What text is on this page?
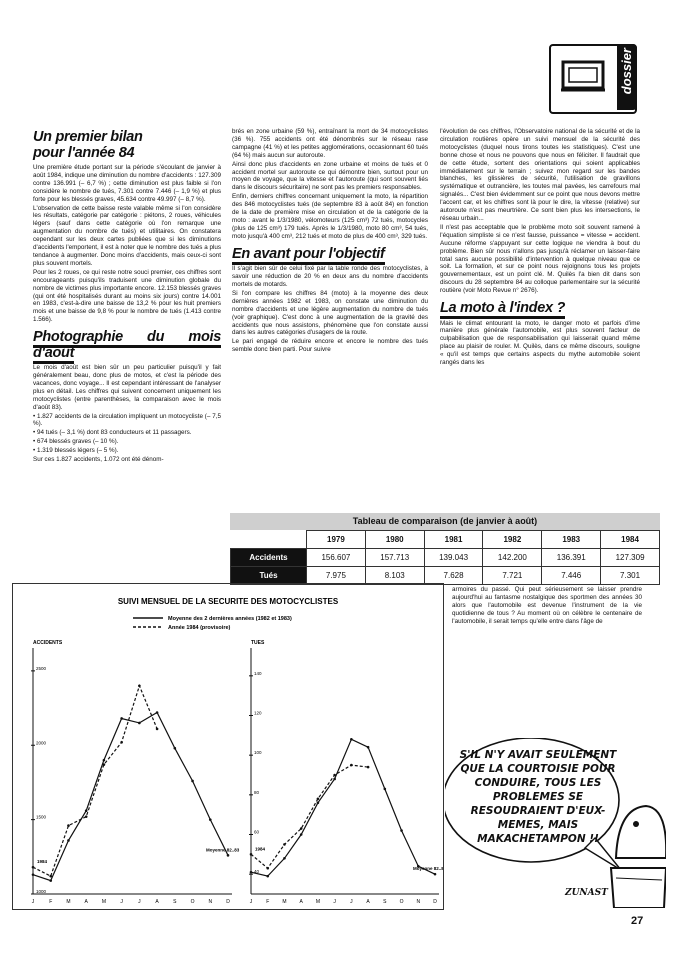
dossier
Un premier bilan
pour l'année 84

Une première étude portant sur la période s'écoulant de janvier à août 1984, indique une diminution du nombre d'accidents : 127.309 contre 136.991 (– 6,7 %) ; cette diminution est plus faible si l'on considère le nombre de tués, 7.301 contre 7.446 (– 1,9 %) et plus forte pour les blessés graves, 45.634 contre 49.997 (– 8,7 %).

L'observation de cette baisse reste valable même si l'on considère les résultats, catégorie par catégorie : piétons, 2 roues, véhicules légers (sauf dans cette catégorie où l'on remarque une augmentation du nombre de tués) et utilitaires. On constatera cependant sur les deux cartes publiées que si les diminutions d'accidents l'emportent, il est à noter que le nombre des tués a plus tendance à augmenter. Donc moins d'accidents, mais ceux-ci sont plus souvent mortels.

Pour les 2 roues, ce qui reste notre souci premier, ces chiffres sont encourageants puisqu'ils traduisent une diminution globale du nombre de victimes plus importante encore. 12.153 blessés graves (qui ont été hospitalisés durant au moins six jours) contre 14.001 en 1983, c'est-à-dire une baisse de 13,2 % pour les huit premiers mois et une baisse de 9,8 % pour le nombre de tués (1.413 contre 1.566).

Photographie du mois d'août

Le mois d'août est bien sûr un peu particulier puisqu'il y fait généralement beau, donc plus de motos, et c'est la période des vacances, donc voyage... Il est cependant intéressant de l'analyser plus en détail. Les chiffres qui suivent concernent uniquement les motocyclistes (entre parenthèses, la comparaison avec le mois d'août 83).

• 1.827 accidents de la circulation impliquent un motocycliste (– 7,5 %).

• 94 tués (– 3,1 %) dont 83 conducteurs et 11 passagers.

• 674 blessés graves (– 10 %).

• 1.319 blessés légers (– 5 %).

Sur ces 1.827 accidents, 1.072 ont été dénom-

brés en zone urbaine (59 %), entraînant la mort de 34 motocyclistes (36 %). 755 accidents ont été dénombrés sur le réseau rase campagne (41 %) et les petites agglomérations, occasionnant 60 tués (64 %) mais aucun sur autoroute.

Ainsi donc plus d'accidents en zone urbaine et moins de tués et 0 accident mortel sur autoroute ce qui démontre bien, surtout pour un moyen de voyage, que la vitesse et l'autoroute (qui sont souvent liés dans le discours sécuritaire) ne sont pas les premiers responsables.

Enfin, derniers chiffres concernant uniquement la moto, la répartition des 846 motocyclistes tués (de septembre 83 à août 84) en fonction de la date de première mise en circulation et de la catégorie de la moto : avant le 1/3/1980, vélomoteurs (125 cm³) 72 tués, motocycles (plus de 125 cm³) 179 tués. Après le 1/3/1980, moto 80 cm³, 54 tués, moto jusqu'à 400 cm³, 212 tués et moto de plus de 400 cm³, 329 tués.

En avant pour l'objectif

Il s'agit bien sûr de celui fixé par la table ronde des motocyclistes, à savoir une réduction de 20 % en deux ans du nombre d'accidents mortels de motards.

Si l'on compare les chiffres 84 (moto) à la moyenne des deux dernières années 1982 et 1983, on constate une diminution du nombre d'accidents et une légère augmentation du nombre de tués (voir graphique). C'est donc à une augmentation de la gravité des accidents que nous assistons, phénomène que l'on constate aussi dans les autres catégories d'usagers de la route.

Le pari engagé de réduire encore et encore le nombre des tués semble donc bien parti. Pour suivre

l'évolution de ces chiffres, l'Observatoire national de la sécurité et de la circulation routières opère un suivi mensuel de la sécurité des motocyclistes (duquel nous tirons toutes les statistiques). C'est une bonne chose et nous ne pouvons que nous en féliciter. Il faudrait que de cette étude, sortent des orientations qui soient applicables immédiatement sur le terrain ; suivez mon regard sur les bandes blanches, les glissières de sécurité, l'utilisation de gravillons systématique et outrancière, les toutes mal pavées, les carrefours mal signalés... C'est bien évidemment sur ce point que nous devons mettre l'accent car, et les chiffres sont là pour le dire, la vitesse (relative) sur autoroute n'est pas meurtrière. Ce sont bien plus les intersections, le réseau urbain...

Il n'est pas acceptable que le problème moto soit souvent ramené à l'équation simpliste si ce n'est fausse, puissance = vitesse = accident. Aucune réforme s'appuyant sur cette logique ne viendra à bout du problème. Bien sûr nous n'allons pas jusqu'à réclamer un laisser-faire total sans aucune possibilité d'intervention à quelque niveau que ce soit. La formation, et sur ce point nous rejoignons tous les projets gouvernementaux, est un point clé. M. Quilès l'a bien dit dans son discours du 28 septembre 84 au colloque parlementaire sur la sécurité routière (voir Moto Revue n° 2676).

La moto à l'index ?

Mais le climat entourant la moto, le danger moto et parfois d'ime manière plus générale l'automobile, est plus souvent facteur de culpabilisation que de responsabilisation qui laisserait quand même place au plaisir de rouler. M. Quilès, dans ce même discours, souligne « qu'il est temps que certains aspects du mythe automobile soient rangés dans les

Tableau de comparaison (de janvier à août)
	1979	1980	1981	1982	1983	1984
Accidents	156.607	157.713	139.043	142.200	136.391	127.309
Tués	7.975	8.103	7.628	7.721	7.446	7.301
SUIVI MENSUEL DE LA SECURITE DES MOTOCYCLISTES
Moyenne des 2 dernières années (1982 et 1983)
Année 1984 (provisoire)
ACCIDENTS
1000
1500
2000
2500
J	F	M	A	M	J	J	A	S	O	N	D
1984
Moyenne 82..83
TUES
40
60
80
100
120
140
J	F	M	A	M	J	J	A	S	O	N	D
1984
Moyenne 82..83

armoires du passé. Qui peut sérieusement se laisser prendre aujourd'hui au fantasme nostalgique des sportmen des années 30 alors que l'automobile est devenue l'instrument de la vie quotidienne de tous ? Au moment où on célèbre le centenaire de l'automobile, il serait temps qu'elle entre dans l'âge de

S'IL N'Y AVAIT SEULEMENT QUE LA COURTOISIE POUR CONDUIRE, TOUS LES PROBLEMES SE RESOUDRAIENT D'EUX-MEMES, MAIS MAKACHETAMPON !!
ZUNAST
27
